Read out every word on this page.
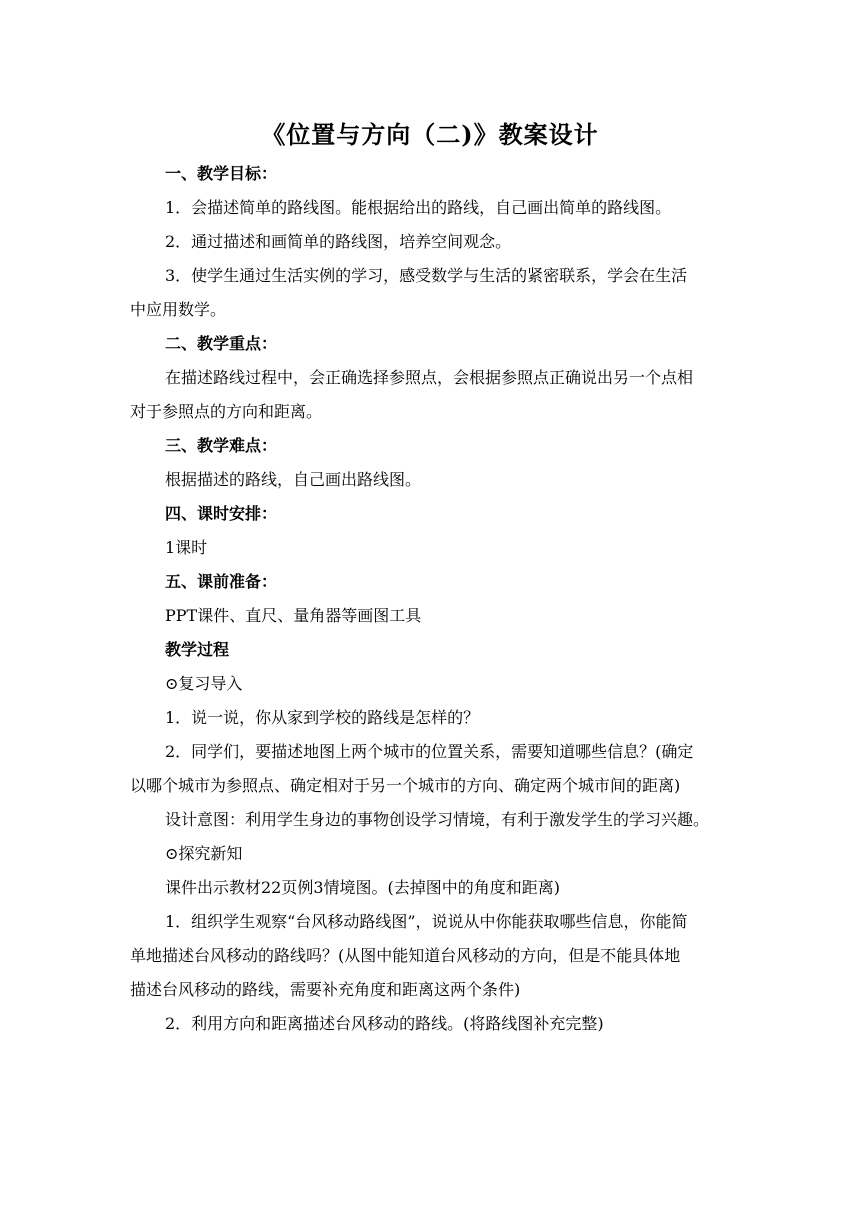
《位置与方向（二)》教案设计
一、教学目标：
1．会描述简单的路线图。能根据给出的路线，自己画出简单的路线图。
2．通过描述和画简单的路线图，培养空间观念。
3．使学生通过生活实例的学习，感受数学与生活的紧密联系，学会在生活
中应用数学。
二、教学重点：
在描述路线过程中，会正确选择参照点，会根据参照点正确说出另一个点相
对于参照点的方向和距离。
三、教学难点：
根据描述的路线，自己画出路线图。
四、课时安排：
1课时
五、课前准备：
PPT课件、直尺、量角器等画图工具
教学过程
⊙复习导入
1．说一说，你从家到学校的路线是怎样的？
2．同学们，要描述地图上两个城市的位置关系，需要知道哪些信息？(确定
以哪个城市为参照点、确定相对于另一个城市的方向、确定两个城市间的距离)
设计意图：利用学生身边的事物创设学习情境，有利于激发学生的学习兴趣。
⊙探究新知
课件出示教材22页例3情境图。(去掉图中的角度和距离)
1．组织学生观察“台风移动路线图”，说说从中你能获取哪些信息，你能简
单地描述台风移动的路线吗？(从图中能知道台风移动的方向，但是不能具体地
描述台风移动的路线，需要补充角度和距离这两个条件)
2．利用方向和距离描述台风移动的路线。(将路线图补充完整)
